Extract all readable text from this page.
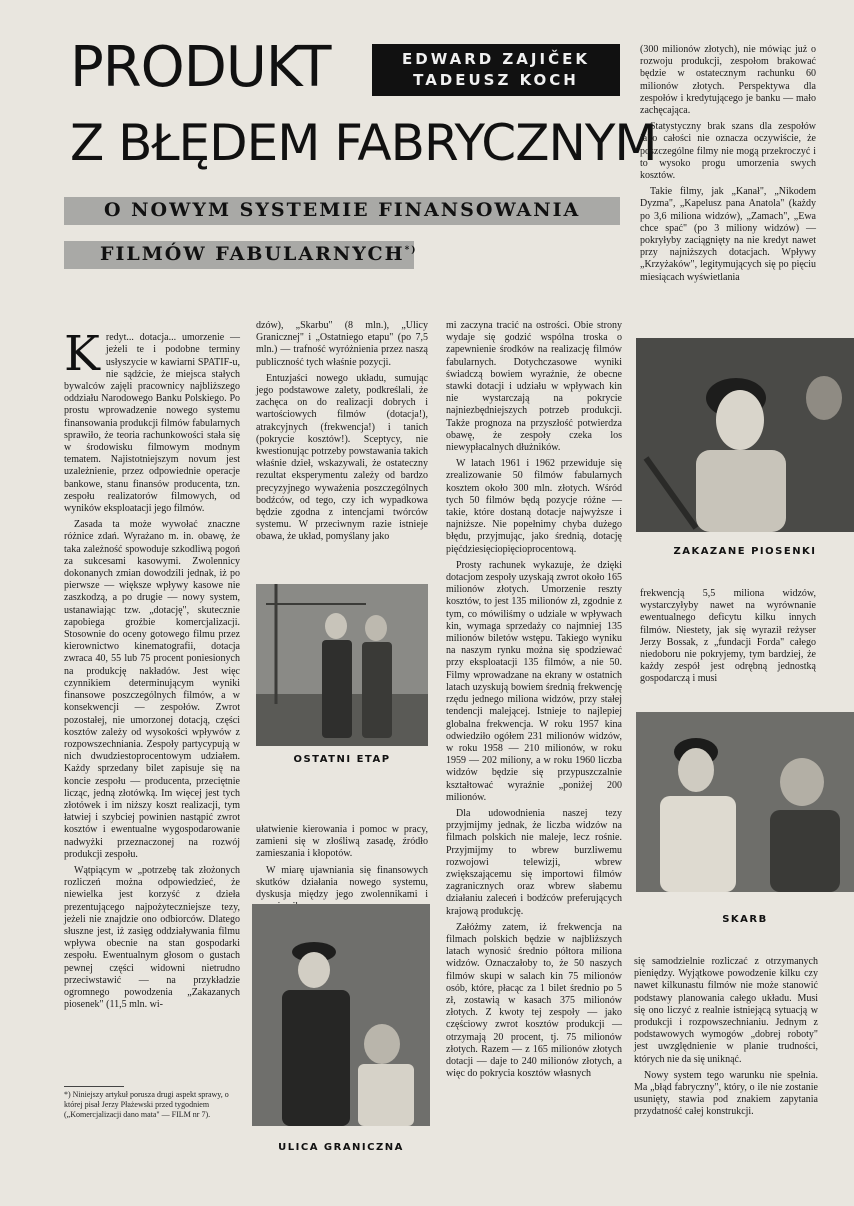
PRODUKT	EDWARD ZAJIČEK
TADEUSZ KOCH
Z BŁĘDEM FABRYCZNYM
O NOWYM SYSTEMIE FINANSOWANIA
FILMÓW FABULARNYCH*)

(300 milionów złotych), nie mówiąc już o rozwoju produkcji, zespołom brakować będzie w ostatecznym rachunku 60 milionów złotych. Perspektywa dla zespołów i kredytującego je banku — mało zachęcająca.

Statystyczny brak szans dla zespołów jako całości nie oznacza oczywiście, że poszczególne filmy nie mogą przekroczyć i to wysoko progu umorzenia swych kosztów.

Takie filmy, jak „Kanał", „Nikodem Dyzma", „Kapelusz pana Anatola" (każdy po 3,6 miliona widzów), „Zamach", „Ewa chce spać" (po 3 miliony widzów) — pokryłyby zaciągnięty na nie kredyt nawet przy najniższych dotacjach. Wpływy „Krzyżaków", legitymujących się po pięciu miesiącach wyświetlania

Kredyt... dotacja... umorzenie — jeżeli te i podobne terminy usłyszycie w kawiarni SPATIF-u, nie sądźcie, że miejsca stałych bywalców zajęli pracownicy najbliższego oddziału Narodowego Banku Polskiego. Po prostu wprowadzenie nowego systemu finansowania produkcji filmów fabularnych sprawiło, że teoria rachunkowości stała się w środowisku filmowym modnym tematem. Najistotniejszym novum jest uzależnienie, przez odpowiednie operacje bankowe, stanu finansów producenta, tzn. zespołu realizatorów filmowych, od wyników eksploatacji jego filmów.

Zasada ta może wywołać znaczne różnice zdań. Wyrażano m. in. obawę, że taka zależność spowoduje szkodliwą pogoń za sukcesami kasowymi. Zwolennicy dokonanych zmian dowodzili jednak, iż po pierwsze — większe wpływy kasowe nie zaszkodzą, a po drugie — nowy system, ustanawiając tzw. „dotację", skutecznie zapobiega groźbie komercjalizacji. Stosownie do oceny gotowego filmu przez kierownictwo kinematografii, dotacja zwraca 40, 55 lub 75 procent poniesionych na produkcję nakładów. Jest więc czynnikiem determinującym wyniki finansowe poszczególnych filmów, a w konsekwencji — zespołów. Zwrot pozostałej, nie umorzonej dotacją, części kosztów zależy od wysokości wpływów z rozpowszechniania. Zespoły partycypują w nich dwudziestoprocentowym udziałem. Każdy sprzedany bilet zapisuje się na koncie zespołu — producenta, przeciętnie licząc, jedną złotówką. Im więcej jest tych złotówek i im niższy koszt realizacji, tym łatwiej i szybciej powinien nastąpić zwrot kosztów i ewentualne wygospodarowanie nadwyżki przeznaczonej na rozwój produkcji zespołu.

Wątpiącym w „potrzebę tak złożonych rozliczeń można odpowiedzieć, że niewielka jest korzyść z dzieła prezentującego najpożyteczniejsze tezy, jeżeli nie znajdzie ono odbiorców. Dlatego słuszne jest, iż zasięg oddziaływania filmu wpływa obecnie na stan gospodarki zespołu. Ewentualnym głosom o gustach pewnej części widowni nietrudno przeciwstawić — na przykładzie ogromnego powodzenia „Zakazanych piosenek" (11,5 mln. wi-

*) Niniejszy artykuł porusza drugi aspekt sprawy, o której pisał Jerzy Płażewski przed tygodniem („Komercjalizacji dano mata" — FILM nr 7).

dzów), „Skarbu" (8 mln.), „Ulicy Granicznej" i „Ostatniego etapu" (po 7,5 mln.) — trafność wyróżnienia przez naszą publiczność tych właśnie pozycji.

Entuzjaści nowego układu, sumując jego podstawowe zalety, podkreślali, że zachęca on do realizacji dobrych i wartościowych filmów (dotacja!), atrakcyjnych (frekwencja!) i tanich (pokrycie kosztów!). Sceptycy, nie kwestionując potrzeby powstawania takich właśnie dzieł, wskazywali, że ostateczny rezultat eksperymentu zależy od bardzo precyzyjnego wyważenia poszczególnych bodźców, od tego, czy ich wypadkowa będzie zgodna z intencjami twórców systemu. W przeciwnym razie istnieje obawa, że układ, pomyślany jako

OSTATNI ETAP

ułatwienie kierowania i pomoc w pracy, zamieni się w złośliwą zasadę, źródło zamieszania i kłopotów.

W miarę ujawniania się finansowych skutków działania nowego systemu, dyskusja między jego zwolennikami i

ULICA GRANICZNA

mi zaczyna tracić na ostrości. Obie strony wydaje się godzić wspólna troska o zapewnienie środków na realizację filmów fabularnych. Dotychczasowe wyniki świadczą bowiem wyraźnie, że obecne stawki dotacji i udziału w wpływach kin nie wystarczają na pokrycie najniezbędniejszych potrzeb produkcji. Także prognoza na przyszłość potwierdza obawę, że zespoły czeka los niewypłacalnych dłużników.

W latach 1961 i 1962 przewiduje się zrealizowanie 50 filmów fabularnych kosztem około 300 mln. złotych. Wśród tych 50 filmów będą pozycje różne — takie, które dostaną dotacje najwyższe i najniższe. Nie popełnimy chyba dużego błędu, przyjmując, jako średnią, dotację pięćdziesięciopięcioprocentową.

Prosty rachunek wykazuje, że dzięki dotacjom zespoły uzyskają zwrot około 165 milionów złotych. Umorzenie reszty kosztów, to jest 135 milionów zł, zgodnie z tym, co mówiliśmy o udziale w wpływach kin, wymaga sprzedaży co najmniej 135 milionów biletów wstępu. Takiego wyniku na naszym rynku można się spodziewać przy eksploatacji 135 filmów, a nie 50. Filmy wprowadzane na ekrany w ostatnich latach uzyskują bowiem średnią frekwencję rzędu jednego miliona widzów, przy stałej tendencji malejącej. Istnieje to najlepiej globalna frekwencja. W roku 1957 kina odwiedziło ogółem 231 milionów widzów, w roku 1958 — 210 milionów, w roku 1959 — 202 miliony, a w roku 1960 liczba widzów będzie się przypuszczalnie kształtować wyraźnie „poniżej 200 milionów.

Dla udowodnienia naszej tezy przyjmijmy jednak, że liczba widzów na filmach polskich nie maleje, lecz rośnie. Przyjmijmy to wbrew burzliwemu rozwojowi telewizji, wbrew zwiększającemu się importowi filmów zagranicznych oraz wbrew słabemu działaniu zaleceń i bodźców preferujących krajową produkcję.

Załóżmy zatem, iż frekwencja na filmach polskich będzie w najbliższych latach wynosić średnio półtora miliona widzów. Oznaczałoby to, że 50 naszych filmów skupi w salach kin 75 milionów osób, które, płacąc za 1 bilet średnio po 5 zł, zostawią w kasach 375 milionów złotych. Z kwoty tej zespoły — jako częściowy zwrot kosztów produkcji — otrzymają 20 procent, tj. 75 milionów złotych. Razem — z 165 milionów złotych dotacji — daje to 240 milionów złotych, a więc do pokrycia kosztów własnych

ZAKAZANE PIOSENKI

frekwencją 5,5 miliona widzów, wystarczyłyby nawet na wyrównanie ewentualnego deficytu kilku innych filmów. Niestety, jak się wyraził reżyser Jerzy Bossak, z „fundacji Forda" całego niedoboru nie pokryjemy, tym bardziej, że każdy zespół jest odrębną jednostką gospodarczą i musi

SKARB

się samodzielnie rozliczać z otrzymanych pieniędzy. Wyjątkowe powodzenie kilku czy nawet kilkunastu filmów nie może stanowić podstawy planowania całego układu. Musi się ono liczyć z realnie istniejącą sytuacją w produkcji i rozpowszechnianiu. Jednym z podstawowych wymogów „dobrej roboty" jest uwzględnienie w planie trudności, których nie da się uniknąć.

Nowy system tego warunku nie spełnia. Ma „błąd fabryczny", który, o ile nie zostanie usunięty, stawia pod znakiem zapytania przydatność całej konstrukcji.
